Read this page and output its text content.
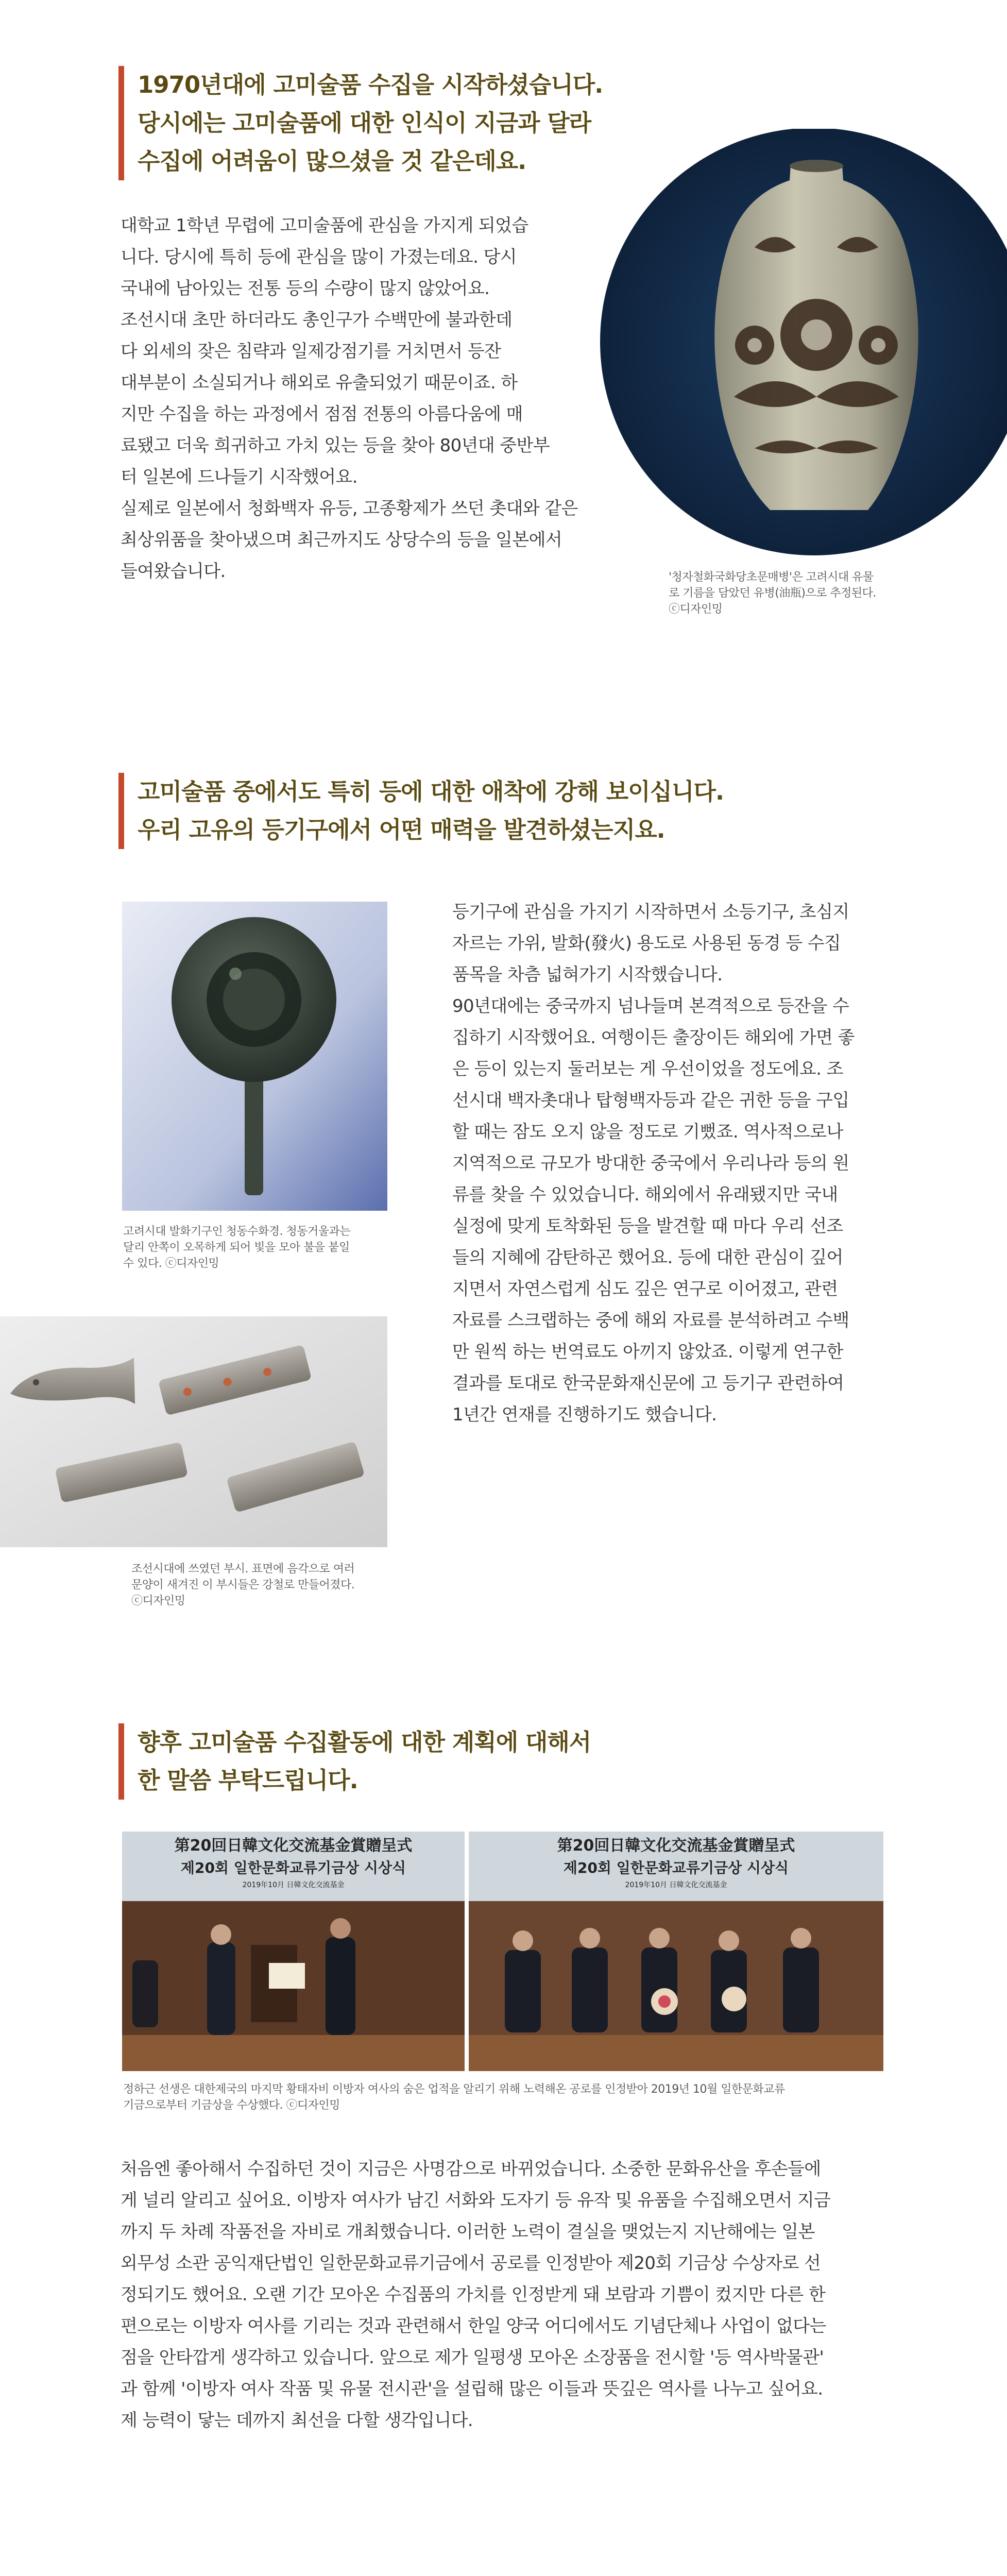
1970년대에 고미술품 수집을 시작하셨습니다.
당시에는 고미술품에 대한 인식이 지금과 달라
수집에 어려움이 많으셨을 것 같은데요.
대학교 1학년 무렵에 고미술품에 관심을 가지게 되었습
니다. 당시에 특히 등에 관심을 많이 가졌는데요. 당시
국내에 남아있는 전통 등의 수량이 많지 않았어요.
조선시대 초만 하더라도 총인구가 수백만에 불과한데
다 외세의 잦은 침략과 일제강점기를 거치면서 등잔
대부분이 소실되거나 해외로 유출되었기 때문이죠. 하
지만 수집을 하는 과정에서 점점 전통의 아름다움에 매
료됐고 더욱 희귀하고 가치 있는 등을 찾아 80년대 중반부
터 일본에 드나들기 시작했어요.
실제로 일본에서 청화백자 유등, 고종황제가 쓰던 촛대와 같은
최상위품을 찾아냈으며 최근까지도 상당수의 등을 일본에서
들여왔습니다.	'청자철화국화당초문매병'은 고려시대 유물
로 기름을 담았던 유병(油瓶)으로 추정된다.
ⓒ디자인밍
고미술품 중에서도 특히 등에 대한 애착에 강해 보이십니다.
우리 고유의 등기구에서 어떤 매력을 발견하셨는지요.
고려시대 발화기구인 청동수화경. 청동거울과는
달리 안쪽이 오목하게 되어 빛을 모아 불을 붙일
수 있다. ⓒ디자인밍
조선시대에 쓰였던 부시. 표면에 음각으로 여러
문양이 새겨진 이 부시들은 강철로 만들어졌다.
ⓒ디자인밍
등기구에 관심을 가지기 시작하면서 소등기구, 초심지
자르는 가위, 발화(發火) 용도로 사용된 동경 등 수집
품목을 차츰 넓혀가기 시작했습니다.
90년대에는 중국까지 넘나들며 본격적으로 등잔을 수
집하기 시작했어요. 여행이든 출장이든 해외에 가면 좋
은 등이 있는지 둘러보는 게 우선이었을 정도에요. 조
선시대 백자촛대나 탑형백자등과 같은 귀한 등을 구입
할 때는 잠도 오지 않을 정도로 기뻤죠. 역사적으로나
지역적으로 규모가 방대한 중국에서 우리나라 등의 원
류를 찾을 수 있었습니다. 해외에서 유래됐지만 국내
실정에 맞게 토착화된 등을 발견할 때 마다 우리 선조
들의 지혜에 감탄하곤 했어요. 등에 대한 관심이 깊어
지면서 자연스럽게 심도 깊은 연구로 이어졌고, 관련
자료를 스크랩하는 중에 해외 자료를 분석하려고 수백
만 원씩 하는 번역료도 아끼지 않았죠. 이렇게 연구한
결과를 토대로 한국문화재신문에 고 등기구 관련하여
1년간 연재를 진행하기도 했습니다.
향후 고미술품 수집활동에 대한 계획에 대해서
한 말씀 부탁드립니다.
第20回日韓文化交流基金賞贈呈式
제20회 일한문화교류기금상 시상식
2019年10月 日韓文化交流基金
第20回日韓文化交流基金賞贈呈式
제20회 일한문화교류기금상 시상식
2019年10月 日韓文化交流基金
정하근 선생은 대한제국의 마지막 황태자비 이방자 여사의 숨은 업적을 알리기 위해 노력해온 공로를 인정받아 2019년 10월 일한문화교류
기금으로부터 기금상을 수상했다. ⓒ디자인밍
처음엔 좋아해서 수집하던 것이 지금은 사명감으로 바뀌었습니다. 소중한 문화유산을 후손들에
게 널리 알리고 싶어요. 이방자 여사가 남긴 서화와 도자기 등 유작 및 유품을 수집해오면서 지금
까지 두 차례 작품전을 자비로 개최했습니다. 이러한 노력이 결실을 맺었는지 지난해에는 일본
외무성 소관 공익재단법인 일한문화교류기금에서 공로를 인정받아 제20회 기금상 수상자로 선
정되기도 했어요. 오랜 기간 모아온 수집품의 가치를 인정받게 돼 보람과 기쁨이 컸지만 다른 한
편으로는 이방자 여사를 기리는 것과 관련해서 한일 양국 어디에서도 기념단체나 사업이 없다는
점을 안타깝게 생각하고 있습니다. 앞으로 제가 일평생 모아온 소장품을 전시할 '등 역사박물관'
과 함께 '이방자 여사 작품 및 유물 전시관'을 설립해 많은 이들과 뜻깊은 역사를 나누고 싶어요.
제 능력이 닿는 데까지 최선을 다할 생각입니다.
